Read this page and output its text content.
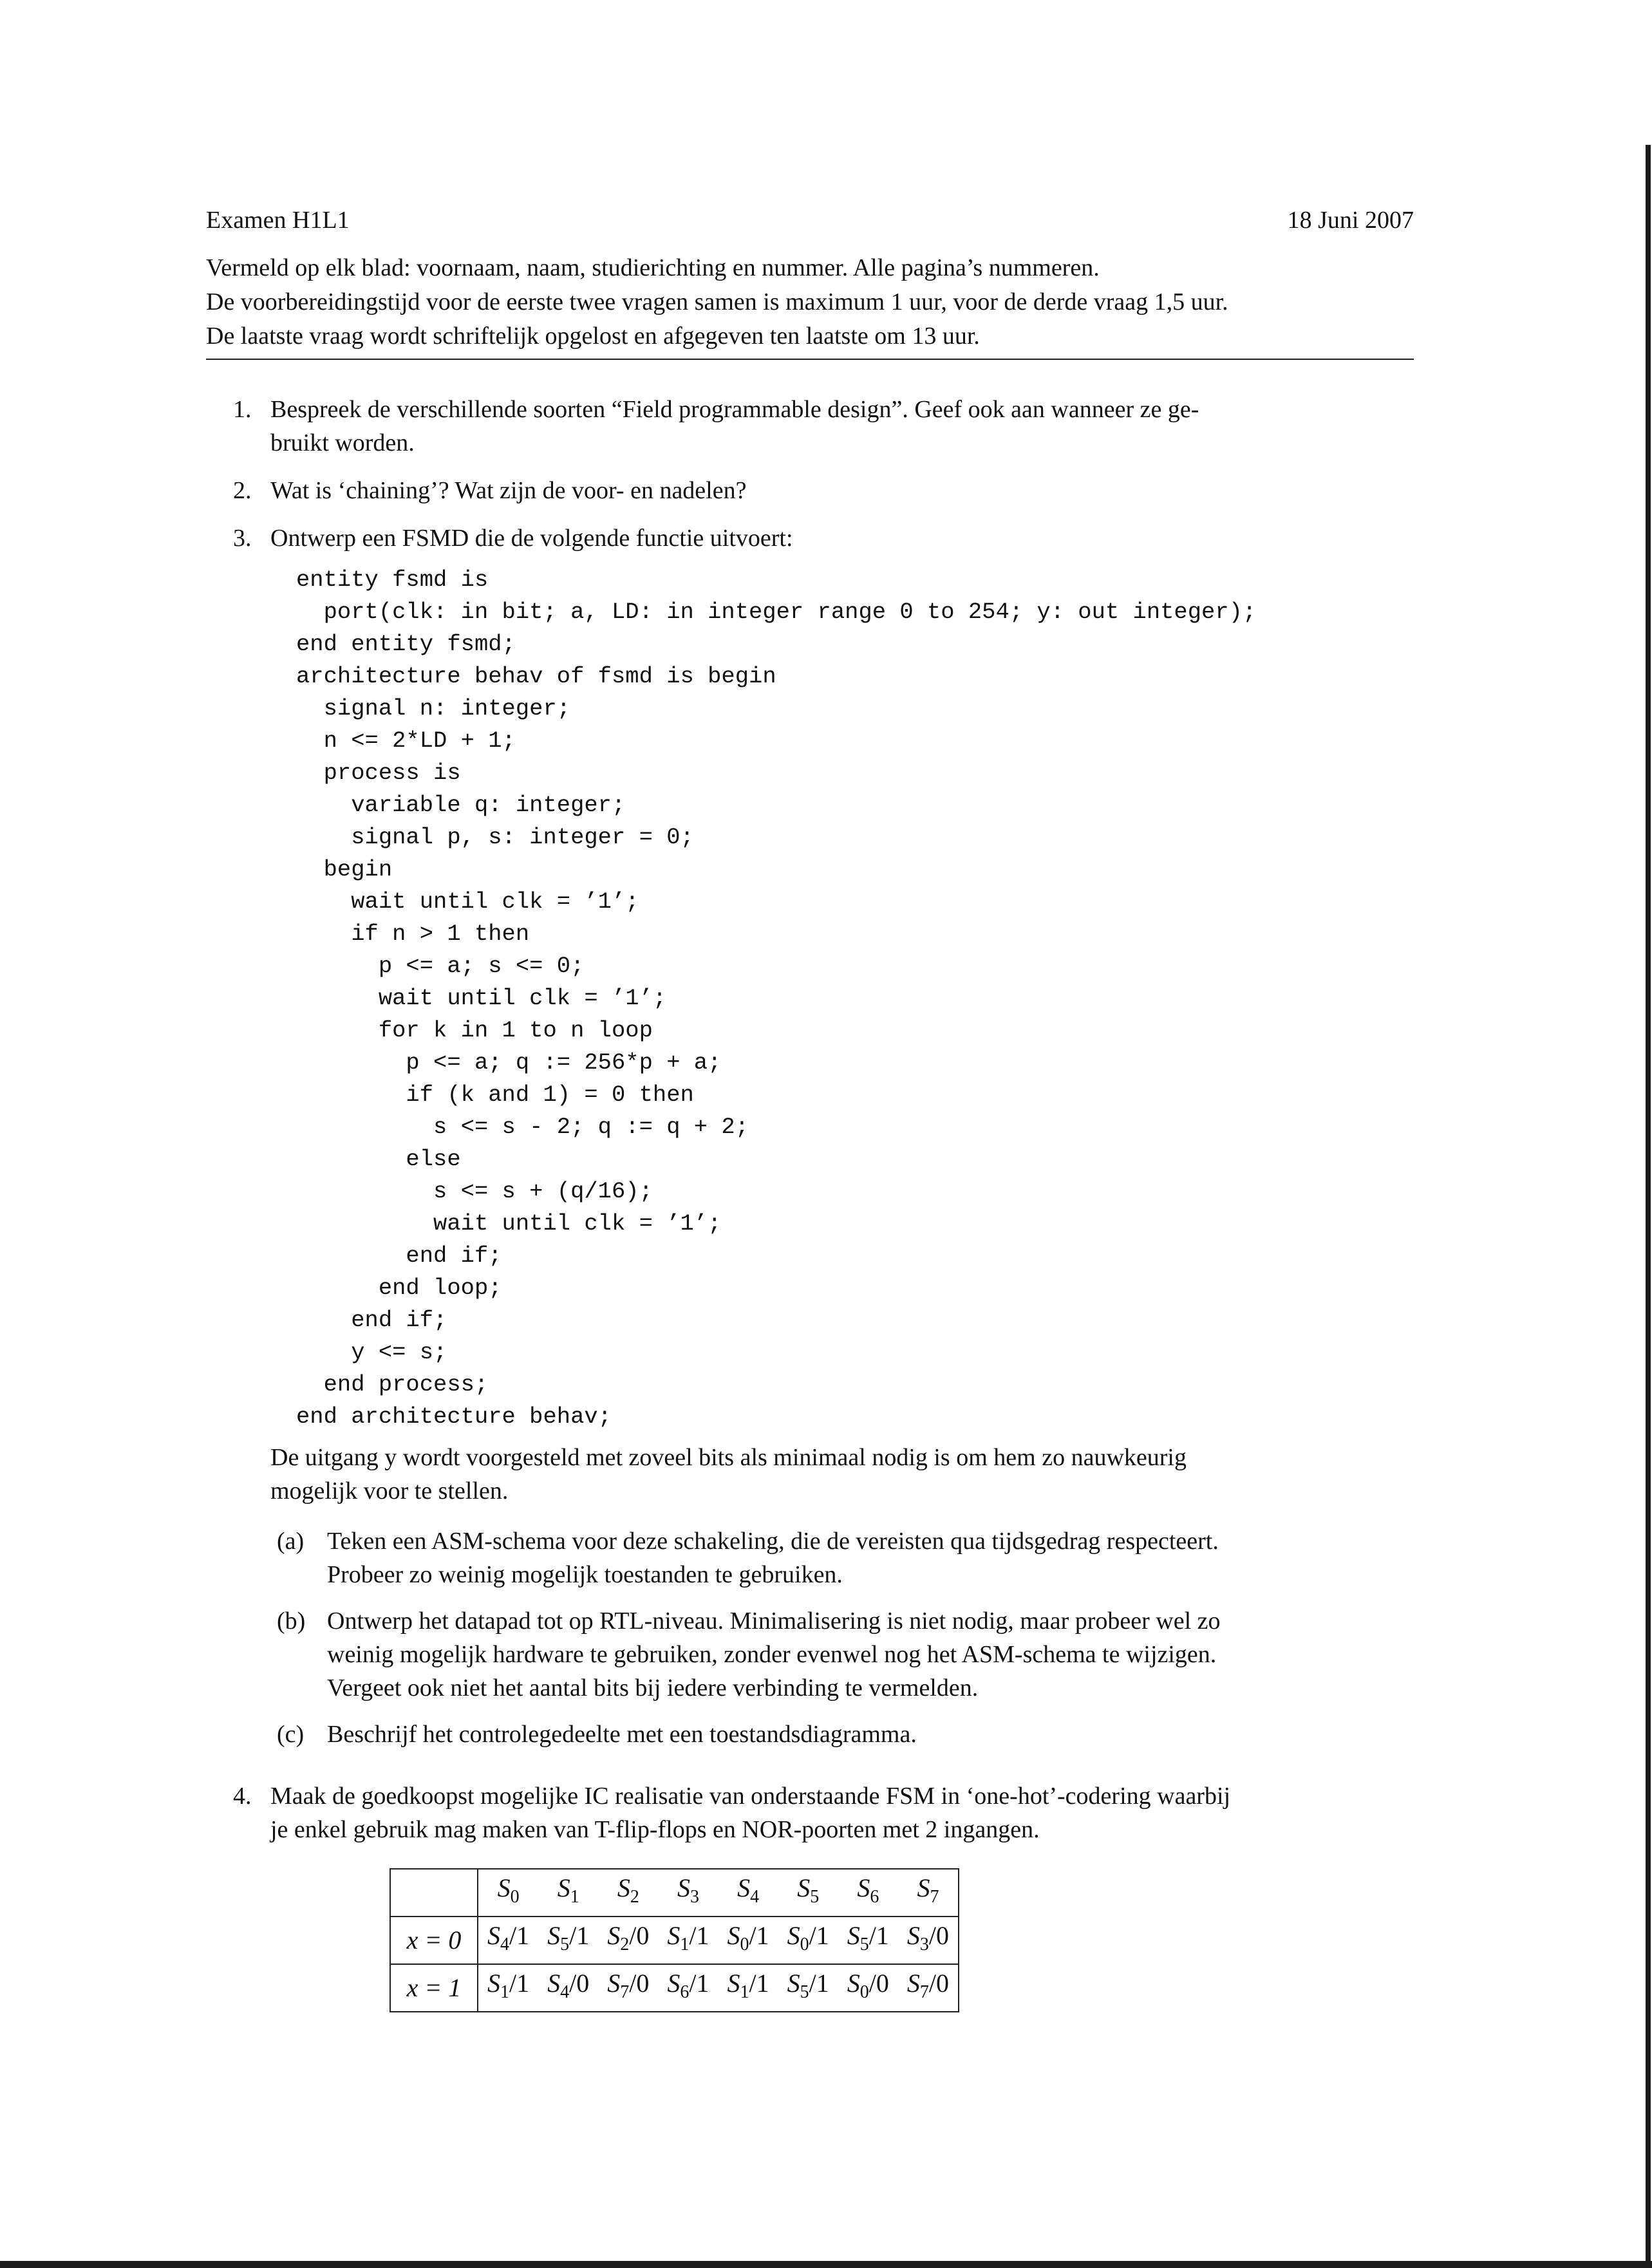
Examen H1L1	18 Juni 2007
Vermeld op elk blad: voornaam, naam, studierichting en nummer. Alle pagina’s nummeren.
De voorbereidingstijd voor de eerste twee vragen samen is maximum 1 uur, voor de derde vraag 1,5 uur.
De laatste vraag wordt schriftelijk opgelost en afgegeven ten laatste om 13 uur.
1. Bespreek de verschillende soorten “Field programmable design”. Geef ook aan wanneer ze ge-
bruikt worden.
2. Wat is ‘chaining’? Wat zijn de voor- en nadelen?
3. Ontwerp een FSMD die de volgende functie uitvoert:
entity fsmd is
port(clk: in bit; a, LD: in integer range 0 to 254; y: out integer);
end entity fsmd;
architecture behav of fsmd is begin
signal n: integer;
n <= 2*LD + 1;
process is
variable q: integer;
signal p, s: integer = 0;
begin
wait until clk = ’1’;
if n > 1 then
p <= a; s <= 0;
wait until clk = ’1’;
for k in 1 to n loop
p <= a; q := 256*p + a;
if (k and 1) = 0 then
s <= s - 2; q := q + 2;
else
s <= s + (q/16);
wait until clk = ’1’;
end if;
end loop;
end if;
y <= s;
end process;
end architecture behav;
De uitgang y wordt voorgesteld met zoveel bits als minimaal nodig is om hem zo nauwkeurig
mogelijk voor te stellen.
(a) Teken een ASM-schema voor deze schakeling, die de vereisten qua tijdsgedrag respecteert.
Probeer zo weinig mogelijk toestanden te gebruiken.
(b) Ontwerp het datapad tot op RTL-niveau. Minimalisering is niet nodig, maar probeer wel zo
weinig mogelijk hardware te gebruiken, zonder evenwel nog het ASM-schema te wijzigen.
Vergeet ook niet het aantal bits bij iedere verbinding te vermelden.
(c) Beschrijf het controlegedeelte met een toestandsdiagramma.
4. Maak de goedkoopst mogelijke IC realisatie van onderstaande FSM in ‘one-hot’-codering waarbij
je enkel gebruik mag maken van T-flip-flops en NOR-poorten met 2 ingangen.
	$S_0$	$S_1$	$S_2$	$S_3$	$S_4$	$S_5$	$S_6$	$S_7$
x = 0	$S_4/1$	$S_5/1$	$S_2/0$	$S_1/1$	$S_0/1$	$S_0/1$	$S_5/1$	$S_3/0$
x = 1	$S_1/1$	$S_4/0$	$S_7/0$	$S_6/1$	$S_1/1$	$S_5/1$	$S_0/0$	$S_7/0$
